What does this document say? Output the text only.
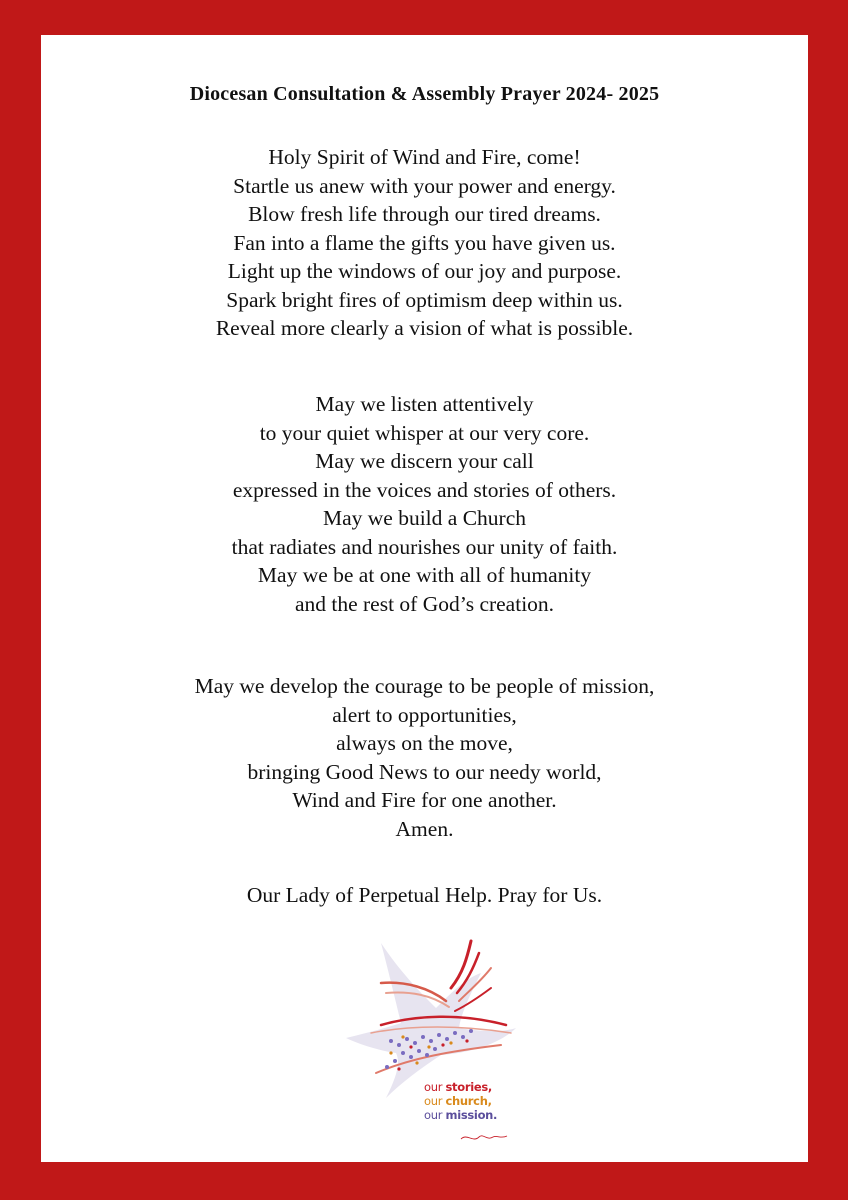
Diocesan Consultation & Assembly Prayer 2024- 2025
Holy Spirit of Wind and Fire, come!
Startle us anew with your power and energy.
Blow fresh life through our tired dreams.
Fan into a flame the gifts you have given us.
Light up the windows of our joy and purpose.
Spark bright fires of optimism deep within us.
Reveal more clearly a vision of what is possible.
May we listen attentively
to your quiet whisper at our very core.
May we discern your call
expressed in the voices and stories of others.
May we build a Church
that radiates and nourishes our unity of faith.
May we be at one with all of humanity
and the rest of God’s creation.
May we develop the courage to be people of mission,
alert to opportunities,
always on the move,
bringing Good News to our needy world,
Wind and Fire for one another.
Amen.
Our Lady of Perpetual Help. Pray for Us.
our stories,
our church,
our mission.
